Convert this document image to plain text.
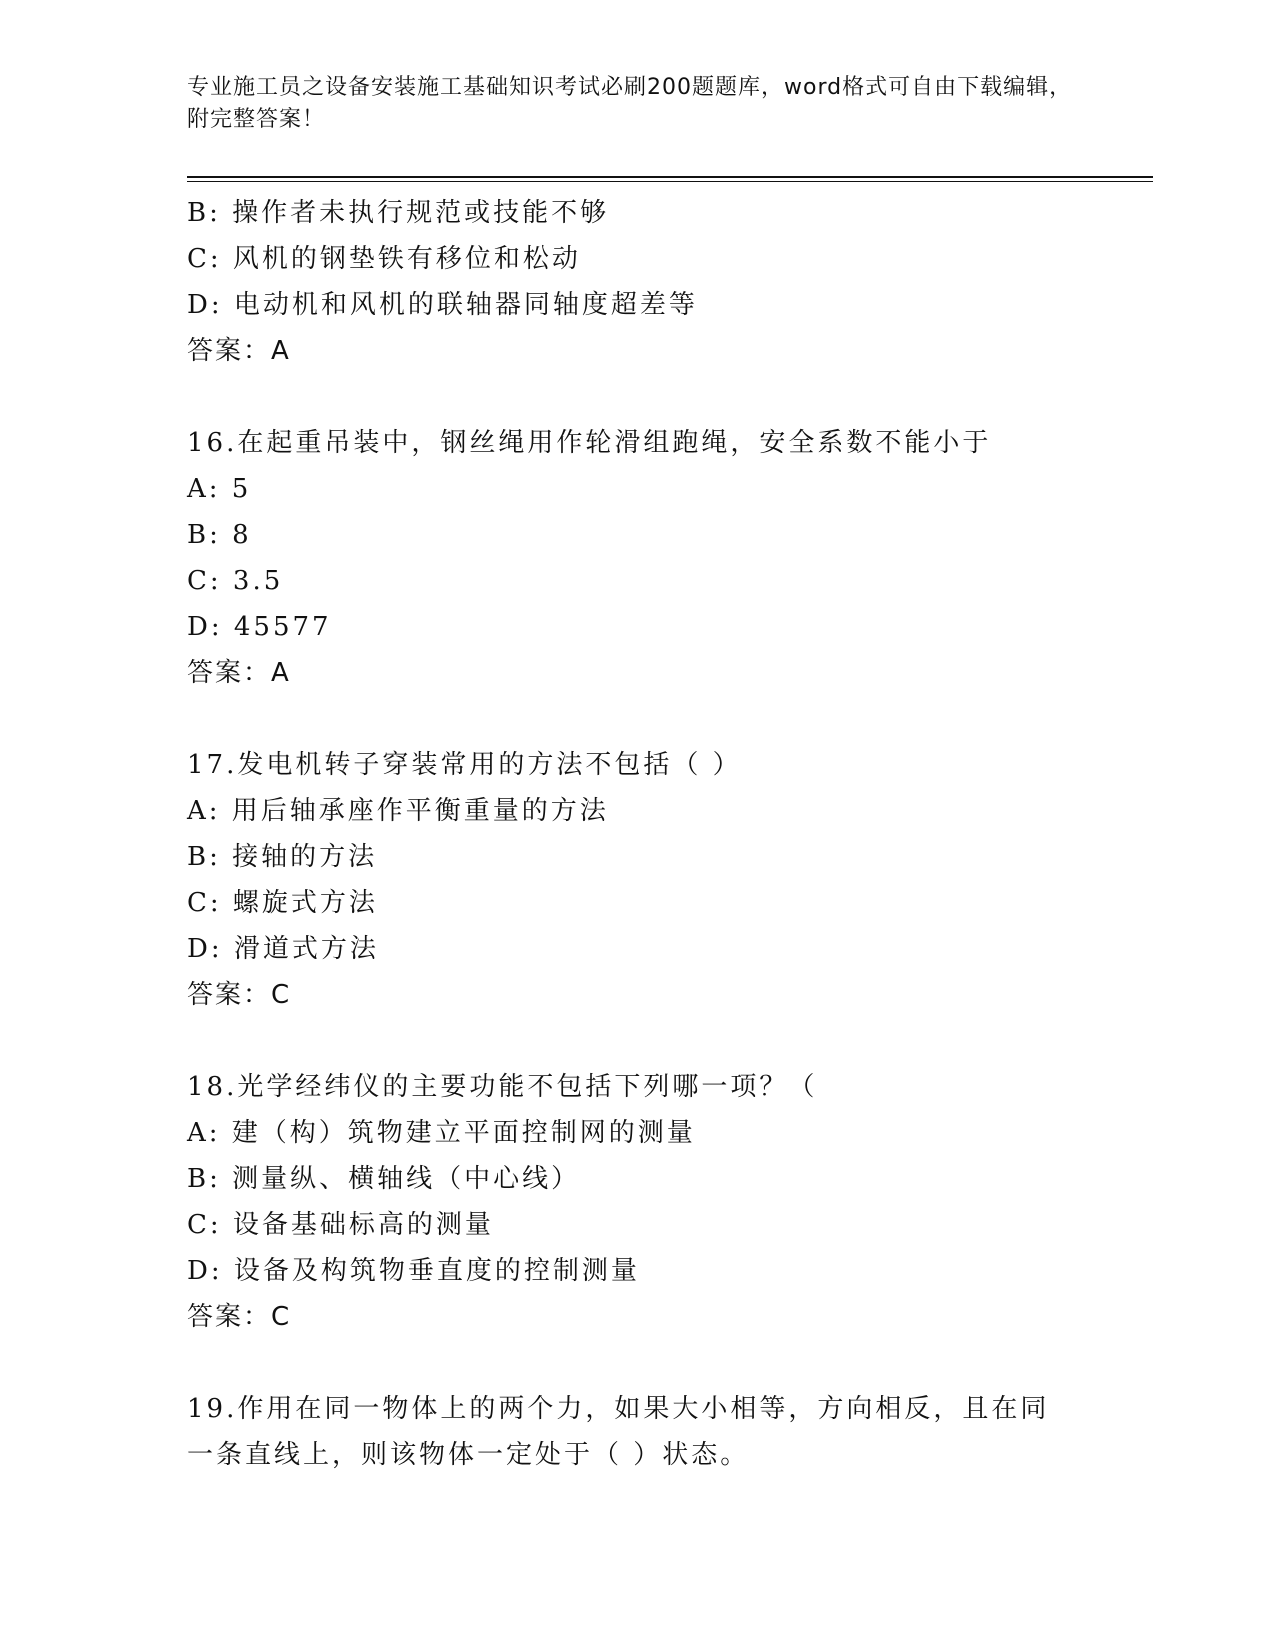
专业施工员之设备安装施工基础知识考试必刷200题题库，word格式可自由下载编辑，附完整答案！
B: 操作者未执行规范或技能不够
C: 风机的钢垫铁有移位和松动
D: 电动机和风机的联轴器同轴度超差等
答案：A
16.在起重吊装中，钢丝绳用作轮滑组跑绳，安全系数不能小于
A: 5
B: 8
C: 3.5
D: 45577
答案：A
17.发电机转子穿装常用的方法不包括（ ）
A: 用后轴承座作平衡重量的方法
B: 接轴的方法
C: 螺旋式方法
D: 滑道式方法
答案：C
18.光学经纬仪的主要功能不包括下列哪一项？（
A: 建（构）筑物建立平面控制网的测量
B: 测量纵、横轴线（中心线）
C: 设备基础标高的测量
D: 设备及构筑物垂直度的控制测量
答案：C
19.作用在同一物体上的两个力，如果大小相等，方向相反，且在同一条直线上，则该物体一定处于（ ）状态。
